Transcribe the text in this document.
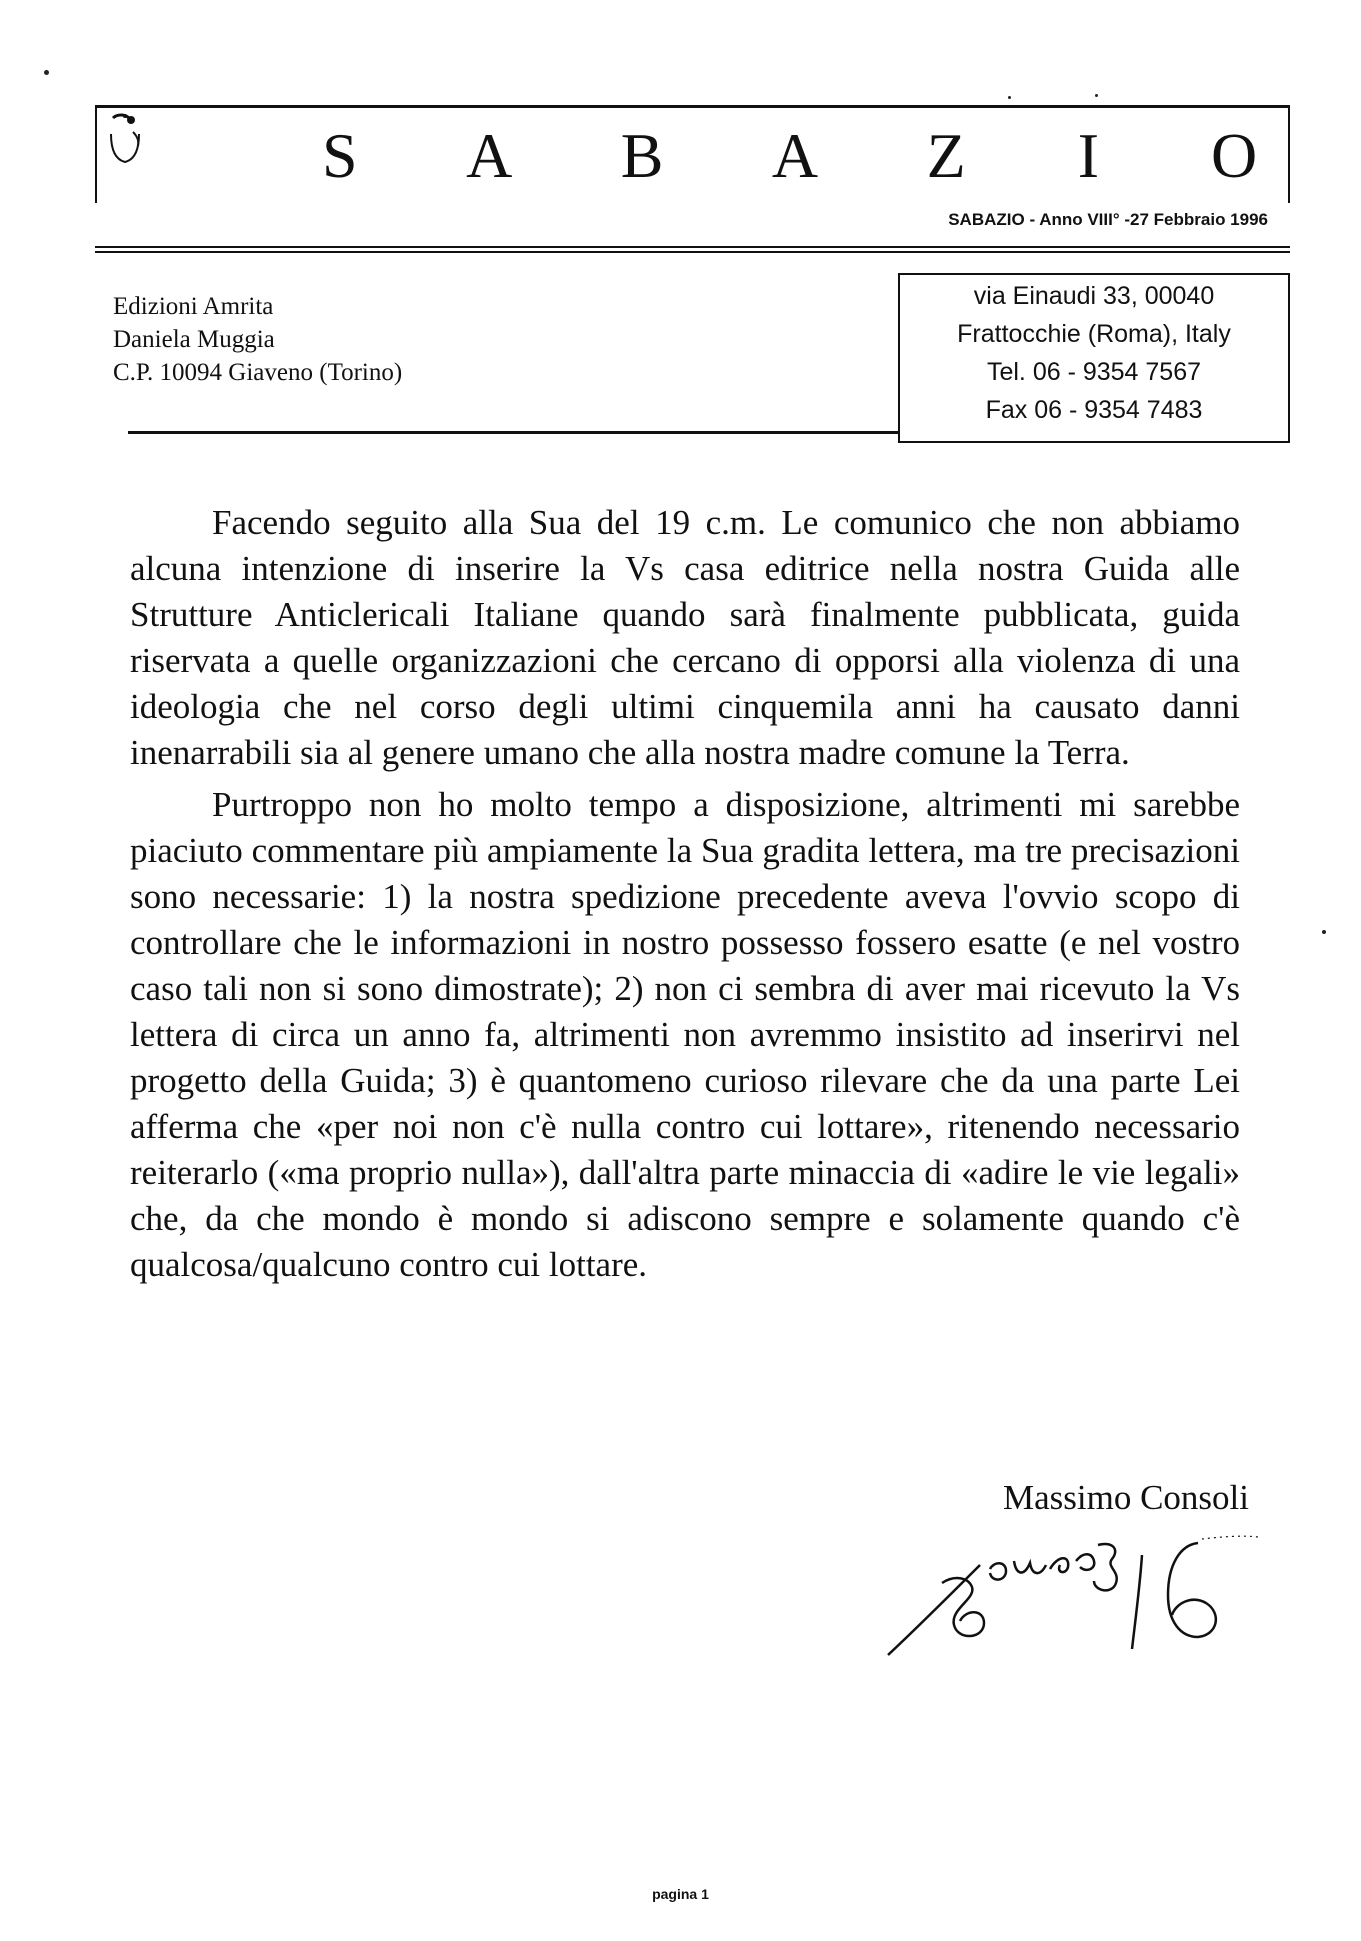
S A B A Z I O
SABAZIO - Anno VIII° -27 Febbraio 1996
Edizioni Amrita
Daniela Muggia
C.P. 10094 Giaveno (Torino)
via Einaudi 33, 00040
Frattocchie (Roma), Italy
Tel. 06 - 9354 7567
Fax 06 - 9354 7483

Facendo seguito alla Sua del 19 c.m. Le comunico che non abbiamo alcuna intenzione di inserire la Vs casa editrice nella nostra Guida alle Strutture Anticlericali Italiane quando sarà finalmente pubblicata, guida riservata a quelle organizzazioni che cercano di opporsi alla violenza di una ideologia che nel corso degli ultimi cinquemila anni ha causato danni inenarrabili sia al genere umano che alla nostra madre comune la Terra.

Purtroppo non ho molto tempo a disposizione, altrimenti mi sarebbe piaciuto commentare più ampiamente la Sua gradita lettera, ma tre precisazioni sono necessarie: 1) la nostra spedizione precedente aveva l'ovvio scopo di controllare che le informazioni in nostro possesso fossero esatte (e nel vostro caso tali non si sono dimostrate); 2) non ci sembra di aver mai ricevuto la Vs lettera di circa un anno fa, altrimenti non avremmo insistito ad inserirvi nel progetto della Guida; 3) è quantomeno curioso rilevare che da una parte Lei afferma che «per noi non c'è nulla contro cui lottare», ritenendo necessario reiterarlo («ma proprio nulla»), dall'altra parte minaccia di «adire le vie legali» che, da che mondo è mondo si adiscono sempre e solamente quando c'è qualcosa/qualcuno contro cui lottare.

Massimo Consoli
pagina 1
